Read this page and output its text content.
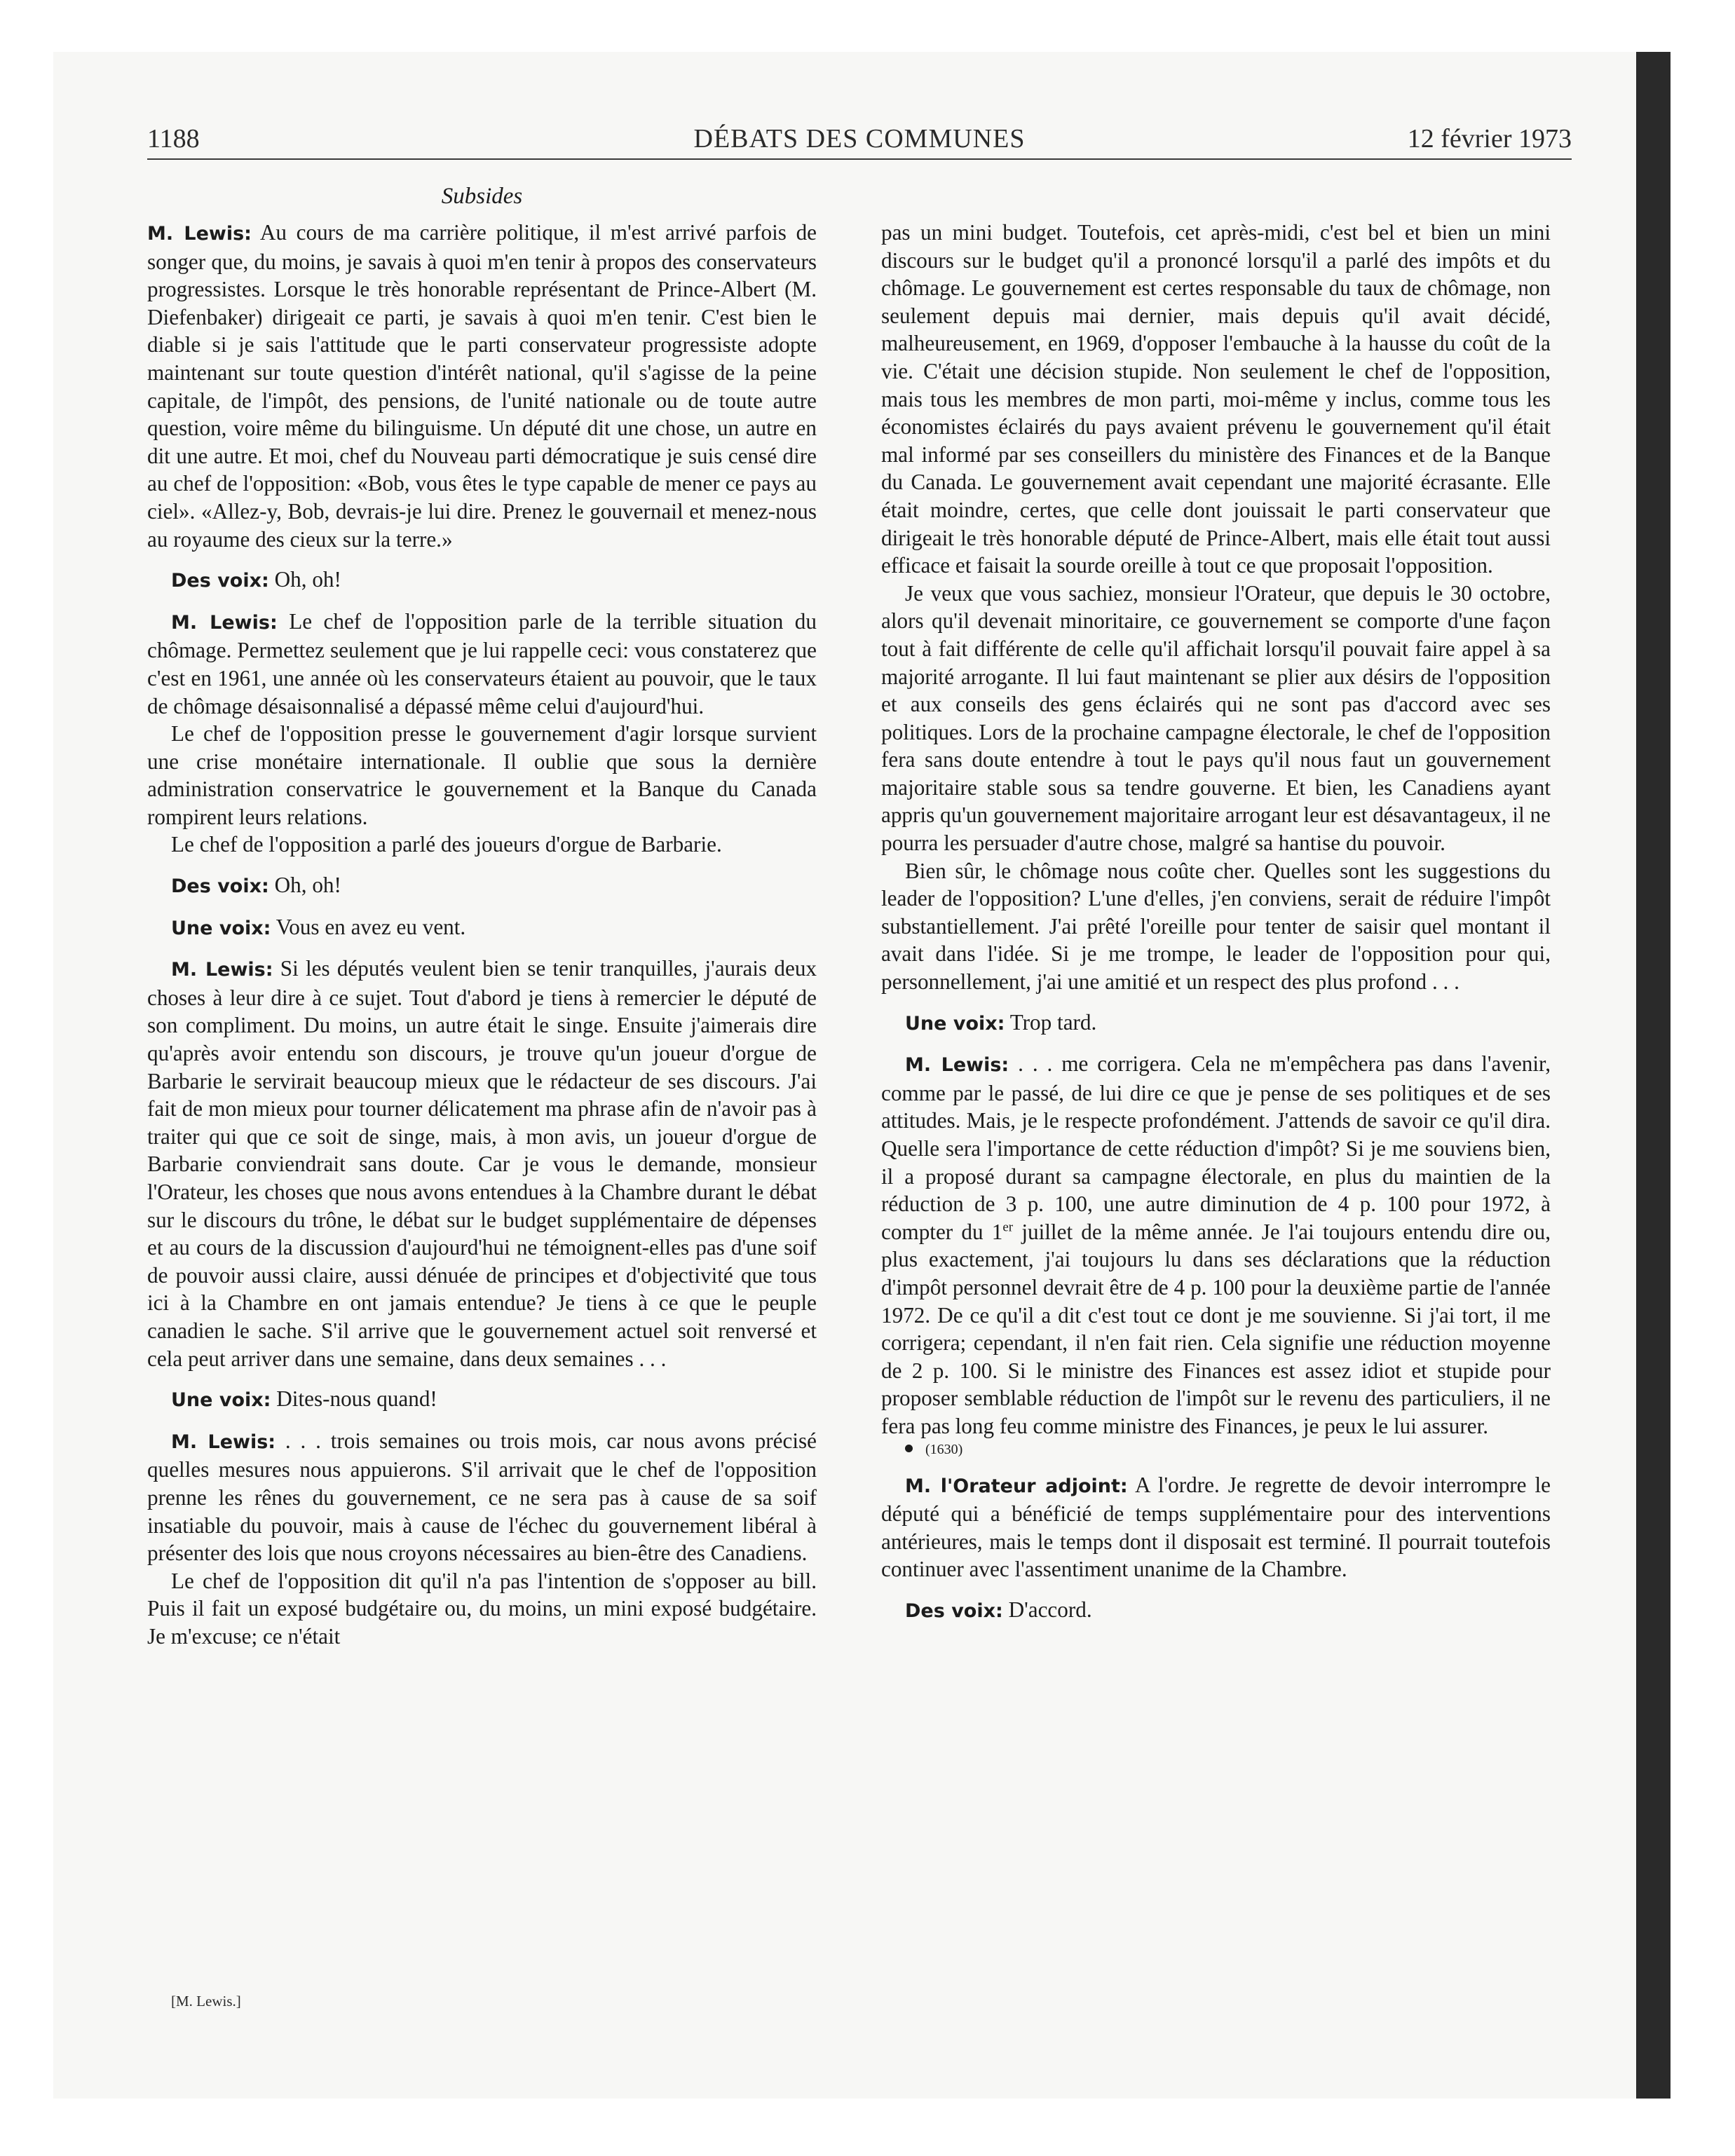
1188	DÉBATS DES COMMUNES	12 février 1973
Subsides

M. Lewis: Au cours de ma carrière politique, il m'est arrivé parfois de songer que, du moins, je savais à quoi m'en tenir à propos des conservateurs progressistes. Lorsque le très honorable représentant de Prince-Albert (M. Diefenbaker) dirigeait ce parti, je savais à quoi m'en tenir. C'est bien le diable si je sais l'attitude que le parti conservateur progressiste adopte maintenant sur toute question d'intérêt national, qu'il s'agisse de la peine capitale, de l'impôt, des pensions, de l'unité nationale ou de toute autre question, voire même du bilinguisme. Un député dit une chose, un autre en dit une autre. Et moi, chef du Nouveau parti démocratique je suis censé dire au chef de l'opposition: «Bob, vous êtes le type capable de mener ce pays au ciel». «Allez-y, Bob, devrais-je lui dire. Prenez le gouvernail et menez-nous au royaume des cieux sur la terre.»

Des voix: Oh, oh!

M. Lewis: Le chef de l'opposition parle de la terrible situation du chômage. Permettez seulement que je lui rappelle ceci: vous constaterez que c'est en 1961, une année où les conservateurs étaient au pouvoir, que le taux de chômage désaisonnalisé a dépassé même celui d'aujourd'hui.

Le chef de l'opposition presse le gouvernement d'agir lorsque survient une crise monétaire internationale. Il oublie que sous la dernière administration conservatrice le gouvernement et la Banque du Canada rompirent leurs relations.

Le chef de l'opposition a parlé des joueurs d'orgue de Barbarie.

Des voix: Oh, oh!

Une voix: Vous en avez eu vent.

M. Lewis: Si les députés veulent bien se tenir tranquilles, j'aurais deux choses à leur dire à ce sujet. Tout d'abord je tiens à remercier le député de son compliment. Du moins, un autre était le singe. Ensuite j'aimerais dire qu'après avoir entendu son discours, je trouve qu'un joueur d'orgue de Barbarie le servirait beaucoup mieux que le rédacteur de ses discours. J'ai fait de mon mieux pour tourner délicatement ma phrase afin de n'avoir pas à traiter qui que ce soit de singe, mais, à mon avis, un joueur d'orgue de Barbarie conviendrait sans doute. Car je vous le demande, monsieur l'Orateur, les choses que nous avons entendues à la Chambre durant le débat sur le discours du trône, le débat sur le budget supplémentaire de dépenses et au cours de la discussion d'aujourd'hui ne témoignent-elles pas d'une soif de pouvoir aussi claire, aussi dénuée de principes et d'objectivité que tous ici à la Chambre en ont jamais entendue? Je tiens à ce que le peuple canadien le sache. S'il arrive que le gouvernement actuel soit renversé et cela peut arriver dans une semaine, dans deux semaines . . .

Une voix: Dites-nous quand!

M. Lewis: . . . trois semaines ou trois mois, car nous avons précisé quelles mesures nous appuierons. S'il arrivait que le chef de l'opposition prenne les rênes du gouvernement, ce ne sera pas à cause de sa soif insatiable du pouvoir, mais à cause de l'échec du gouvernement libéral à présenter des lois que nous croyons nécessaires au bien-être des Canadiens.

Le chef de l'opposition dit qu'il n'a pas l'intention de s'opposer au bill. Puis il fait un exposé budgétaire ou, du moins, un mini exposé budgétaire. Je m'excuse; ce n'était

pas un mini budget. Toutefois, cet après-midi, c'est bel et bien un mini discours sur le budget qu'il a prononcé lorsqu'il a parlé des impôts et du chômage. Le gouvernement est certes responsable du taux de chômage, non seulement depuis mai dernier, mais depuis qu'il avait décidé, malheureusement, en 1969, d'opposer l'embauche à la hausse du coût de la vie. C'était une décision stupide. Non seulement le chef de l'opposition, mais tous les membres de mon parti, moi-même y inclus, comme tous les économistes éclairés du pays avaient prévenu le gouvernement qu'il était mal informé par ses conseillers du ministère des Finances et de la Banque du Canada. Le gouvernement avait cependant une majorité écrasante. Elle était moindre, certes, que celle dont jouissait le parti conservateur que dirigeait le très honorable député de Prince-Albert, mais elle était tout aussi efficace et faisait la sourde oreille à tout ce que proposait l'opposition.

Je veux que vous sachiez, monsieur l'Orateur, que depuis le 30 octobre, alors qu'il devenait minoritaire, ce gouvernement se comporte d'une façon tout à fait différente de celle qu'il affichait lorsqu'il pouvait faire appel à sa majorité arrogante. Il lui faut maintenant se plier aux désirs de l'opposition et aux conseils des gens éclairés qui ne sont pas d'accord avec ses politiques. Lors de la prochaine campagne électorale, le chef de l'opposition fera sans doute entendre à tout le pays qu'il nous faut un gouvernement majoritaire stable sous sa tendre gouverne. Et bien, les Canadiens ayant appris qu'un gouvernement majoritaire arrogant leur est désavantageux, il ne pourra les persuader d'autre chose, malgré sa hantise du pouvoir.

Bien sûr, le chômage nous coûte cher. Quelles sont les suggestions du leader de l'opposition? L'une d'elles, j'en conviens, serait de réduire l'impôt substantiellement. J'ai prêté l'oreille pour tenter de saisir quel montant il avait dans l'idée. Si je me trompe, le leader de l'opposition pour qui, personnellement, j'ai une amitié et un respect des plus profond . . .

Une voix: Trop tard.

M. Lewis: . . . me corrigera. Cela ne m'empêchera pas dans l'avenir, comme par le passé, de lui dire ce que je pense de ses politiques et de ses attitudes. Mais, je le respecte profondément. J'attends de savoir ce qu'il dira. Quelle sera l'importance de cette réduction d'impôt? Si je me souviens bien, il a proposé durant sa campagne électorale, en plus du maintien de la réduction de 3 p. 100, une autre diminution de 4 p. 100 pour 1972, à compter du 1er juillet de la même année. Je l'ai toujours entendu dire ou, plus exactement, j'ai toujours lu dans ses déclarations que la réduction d'impôt personnel devrait être de 4 p. 100 pour la deuxième partie de l'année 1972. De ce qu'il a dit c'est tout ce dont je me souvienne. Si j'ai tort, il me corrigera; cependant, il n'en fait rien. Cela signifie une réduction moyenne de 2 p. 100. Si le ministre des Finances est assez idiot et stupide pour proposer semblable réduction de l'impôt sur le revenu des particuliers, il ne fera pas long feu comme ministre des Finances, je peux le lui assurer.

(1630)

M. l'Orateur adjoint: A l'ordre. Je regrette de devoir interrompre le député qui a bénéficié de temps supplémentaire pour des interventions antérieures, mais le temps dont il disposait est terminé. Il pourrait toutefois continuer avec l'assentiment unanime de la Chambre.

Des voix: D'accord.

[M. Lewis.]
